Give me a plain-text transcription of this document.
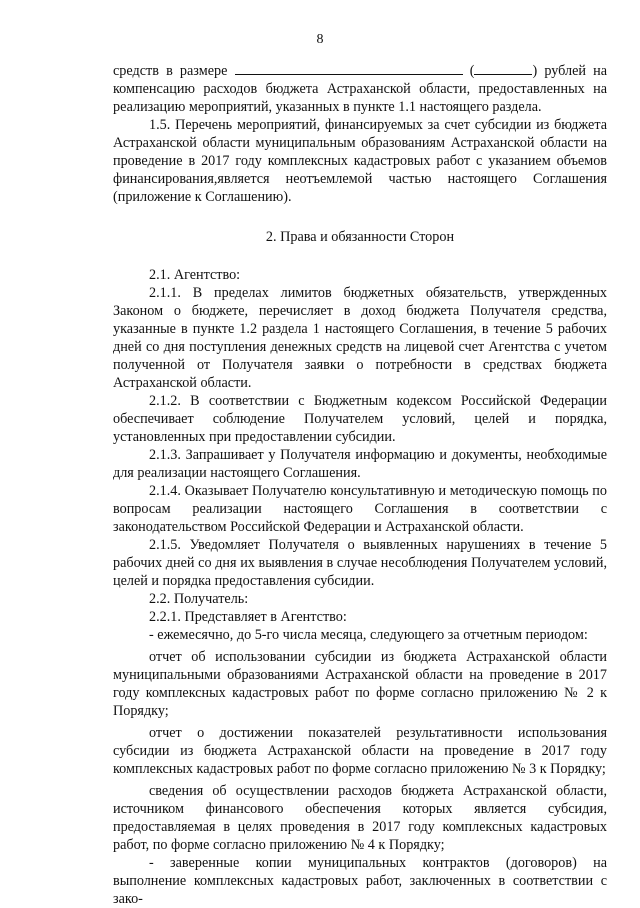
8

средств в размере	(	) рублей на компенсацию расходов бюджета Астраханской области, предоставленных на реализацию мероприятий, указанных в пункте 1.1 настоящего раздела.

1.5. Перечень мероприятий, финансируемых за счет субсидии из бюджета Астраханской области муниципальным образованиям Астраханской области на проведение в 2017 году комплексных кадастровых работ с указанием объемов финансирования,является неотъемлемой частью настоящего Соглашения (приложение к Соглашению).

2. Права и обязанности Сторон

2.1. Агентство:

2.1.1. В пределах лимитов бюджетных обязательств, утвержденных Законом о бюджете, перечисляет в доход бюджета Получателя средства, указанные в пункте 1.2 раздела 1 настоящего Соглашения, в течение 5 рабочих дней со дня поступления денежных средств на лицевой счет Агентства с учетом полученной от Получателя заявки о потребности в средствах бюджета Астраханской области.

2.1.2. В соответствии с Бюджетным кодексом Российской Федерации обеспечивает соблюдение Получателем условий, целей и порядка, установленных при предоставлении субсидии.

2.1.3. Запрашивает у Получателя информацию и документы, необходимые для реализации настоящего Соглашения.

2.1.4. Оказывает Получателю консультативную и методическую помощь по вопросам реализации настоящего Соглашения в соответствии с законодательством Российской Федерации и Астраханской области.

2.1.5. Уведомляет Получателя о выявленных нарушениях в течение 5 рабочих дней со дня их выявления в случае несоблюдения Получателем условий, целей и порядка предоставления субсидии.

2.2. Получатель:

2.2.1. Представляет в Агентство:

- ежемесячно, до 5-го числа месяца, следующего за отчетным периодом:

отчет об использовании субсидии из бюджета Астраханской области муниципальными образованиями Астраханской области на проведение в 2017 году комплексных кадастровых работ по форме согласно приложению № 2 к Порядку;

отчет о достижении показателей результативности использования субсидии из бюджета Астраханской области на проведение в 2017 году комплексных кадастровых работ по форме согласно приложению № 3 к Порядку;

сведения об осуществлении расходов бюджета Астраханской области, источником финансового обеспечения которых является субсидия, предоставляемая в целях проведения в 2017 году комплексных кадастровых работ, по форме согласно приложению № 4 к Порядку;

- заверенные копии муниципальных контрактов (договоров) на выполнение комплексных кадастровых работ, заключенных в соответствии с зако-
